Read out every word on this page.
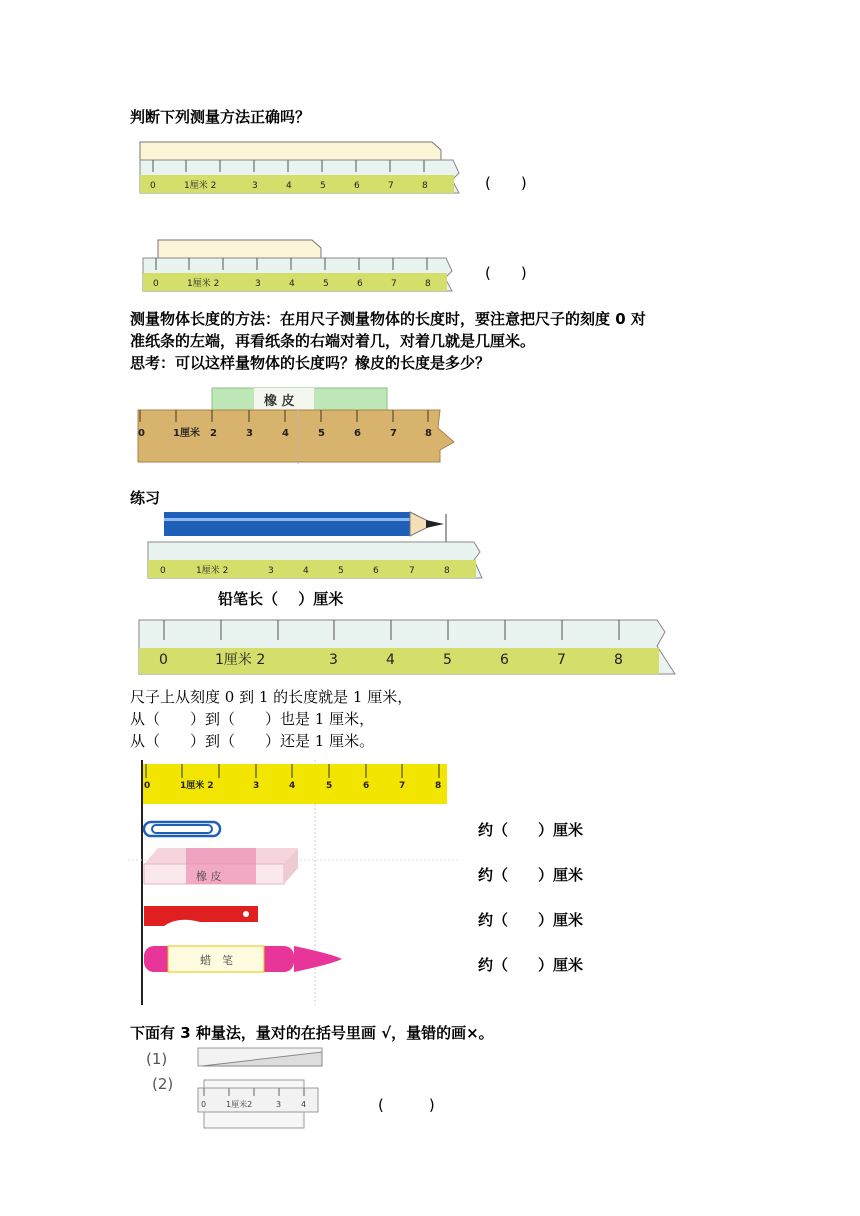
判断下列测量方法正确吗？
0	1厘米 2	3	4	5	6	7	8	(　　)
0	1厘米 2	3	4	5	6	7	8
(　　)
测量物体长度的方法：在用尺子测量物体的长度时，要注意把尺子的刻度 0 对
准纸条的左端，再看纸条的右端对着几，对着几就是几厘米。
思考：可以这样量物体的长度吗？橡皮的长度是多少？
橡 皮
0	1厘米 2	3	4	5	6	7	8
练习
0	1厘米 2	3	4	5	6	7	8
铅笔长（　 ）厘米
0	1厘米 2	3	4	5	6	7	8
尺子上从刻度 0 到 1 的长度就是 1 厘米，
从（　　）到（　　）也是 1 厘米，
从（　　）到（　　）还是 1 厘米。
0	1厘米 2	3	4	5	6	7	8
橡 皮
蜡　笔
约（　　）厘米
约（　　）厘米
约（　　）厘米
约（　　）厘米
下面有 3 种量法，量对的在括号里画 √，量错的画×。
(1)
(2)
0 1厘米2	3 4	(　　　)
